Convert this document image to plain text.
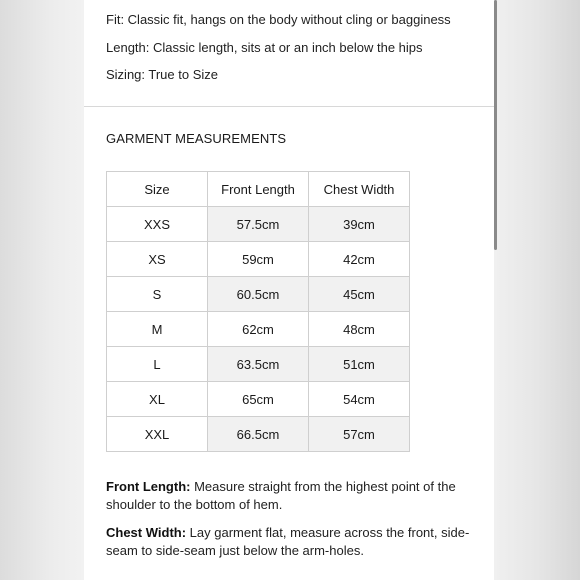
Fit: Classic fit, hangs on the body without cling or bagginess
Length: Classic length, sits at or an inch below the hips
Sizing: True to Size
GARMENT MEASUREMENTS
Size	Front Length	Chest Width
XXS	57.5cm	39cm
XS	59cm	42cm
S	60.5cm	45cm
M	62cm	48cm
L	63.5cm	51cm
XL	65cm	54cm
XXL	66.5cm	57cm
Front Length: Measure straight from the highest point of the shoulder to the bottom of hem.
Chest Width: Lay garment flat, measure across the front, side-seam to side-seam just below the arm-holes.
